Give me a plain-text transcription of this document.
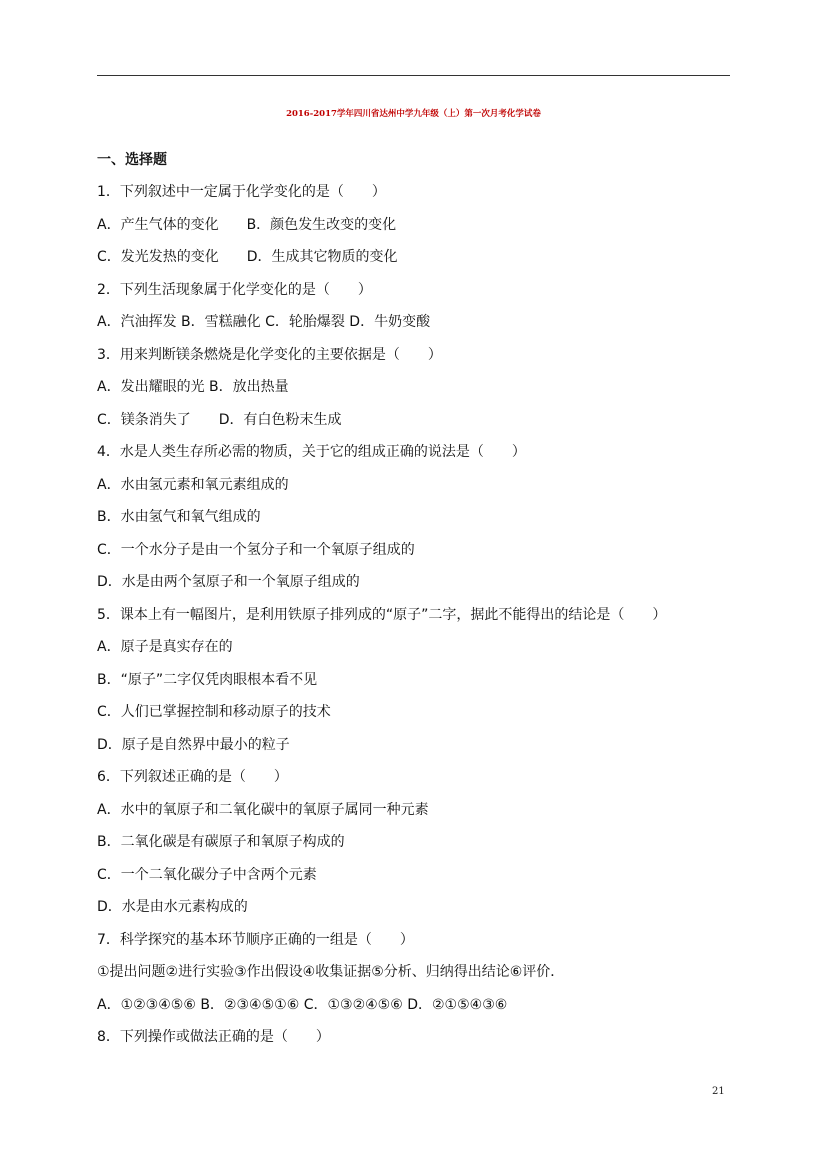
2016-2017学年四川省达州中学九年级（上）第一次月考化学试卷
一、选择题
1．下列叙述中一定属于化学变化的是（　　）
A．产生气体的变化　　B．颜色发生改变的变化
C．发光发热的变化　　D．生成其它物质的变化
2．下列生活现象属于化学变化的是（　　）
A．汽油挥发 B．雪糕融化 C．轮胎爆裂 D．牛奶变酸
3．用来判断镁条燃烧是化学变化的主要依据是（　　）
A．发出耀眼的光 B．放出热量
C．镁条消失了　　D．有白色粉末生成
4．水是人类生存所必需的物质，关于它的组成正确的说法是（　　）
A．水由氢元素和氧元素组成的
B．水由氢气和氧气组成的
C．一个水分子是由一个氢分子和一个氧原子组成的
D．水是由两个氢原子和一个氧原子组成的
5．课本上有一幅图片，是利用铁原子排列成的“原子”二字，据此不能得出的结论是（　　）
A．原子是真实存在的
B．“原子”二字仅凭肉眼根本看不见
C．人们已掌握控制和移动原子的技术
D．原子是自然界中最小的粒子
6．下列叙述正确的是（　　）
A．水中的氧原子和二氧化碳中的氧原子属同一种元素
B．二氧化碳是有碳原子和氧原子构成的
C．一个二氧化碳分子中含两个元素
D．水是由水元素构成的
7．科学探究的基本环节顺序正确的一组是（　　）
①提出问题②进行实验③作出假设④收集证据⑤分析、归纳得出结论⑥评价．
A．①②③④⑤⑥ B．②③④⑤①⑥ C．①③②④⑤⑥ D．②①⑤④③⑥
8．下列操作或做法正确的是（　　）
21
